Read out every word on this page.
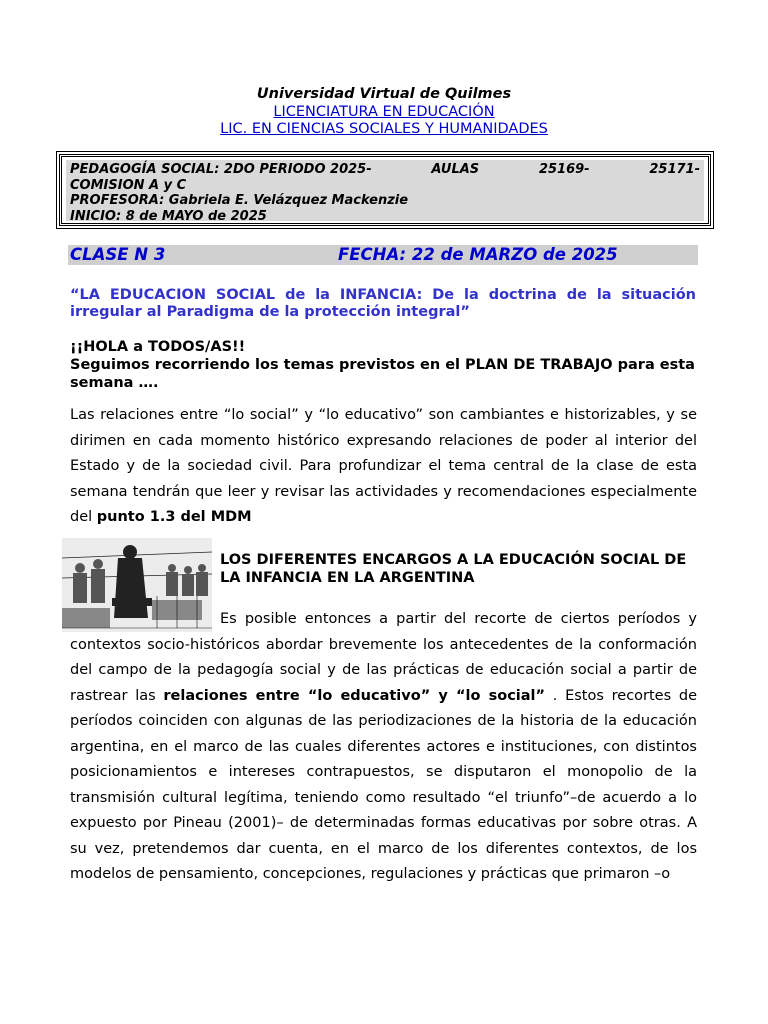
Universidad Virtual de Quilmes
LICENCIATURA EN EDUCACIÓN
LIC. EN CIENCIAS SOCIALES Y HUMANIDADES
PEDAGOGÍA SOCIAL: 2DO PERIODO 2025-	AULAS	25169-	25171-
COMISION A y C
PROFESORA: Gabriela E. Velázquez Mackenzie
INICIO: 8 de MAYO de 2025
CLASE N 3	FECHA: 22 de MARZO de 2025
“LA EDUCACION SOCIAL de la INFANCIA: De la doctrina de la situación irregular al Paradigma de la protección integral”
¡¡HOLA a TODOS/AS!!
Seguimos recorriendo los temas previstos en el PLAN DE TRABAJO para esta semana ….
Las relaciones entre “lo social” y “lo educativo” son cambiantes e historizables, y se dirimen en cada momento histórico expresando relaciones de poder al interior del Estado y de la sociedad civil. Para profundizar el tema central de la clase de esta semana tendrán que leer y revisar las actividades y recomendaciones especialmente del punto 1.3 del MDM
LOS DIFERENTES ENCARGOS A LA EDUCACIÓN SOCIAL DE LA INFANCIA EN LA ARGENTINA
Es posible entonces a partir del recorte de ciertos períodos y contextos socio-históricos abordar brevemente los antecedentes de la conformación del campo de la pedagogía social y de las prácticas de educación social a partir de rastrear las relaciones entre “lo educativo” y “lo social” . Estos recortes de períodos coinciden con algunas de las periodizaciones de la historia de la educación argentina, en el marco de las cuales diferentes actores e instituciones, con distintos posicionamientos e intereses contrapuestos, se disputaron el monopolio de la transmisión cultural legítima, teniendo como resultado “el triunfo”–de acuerdo a lo expuesto por Pineau (2001)– de determinadas formas educativas por sobre otras. A su vez, pretendemos dar cuenta, en el marco de los diferentes contextos, de los modelos de pensamiento, concepciones, regulaciones y prácticas que primaron –o
